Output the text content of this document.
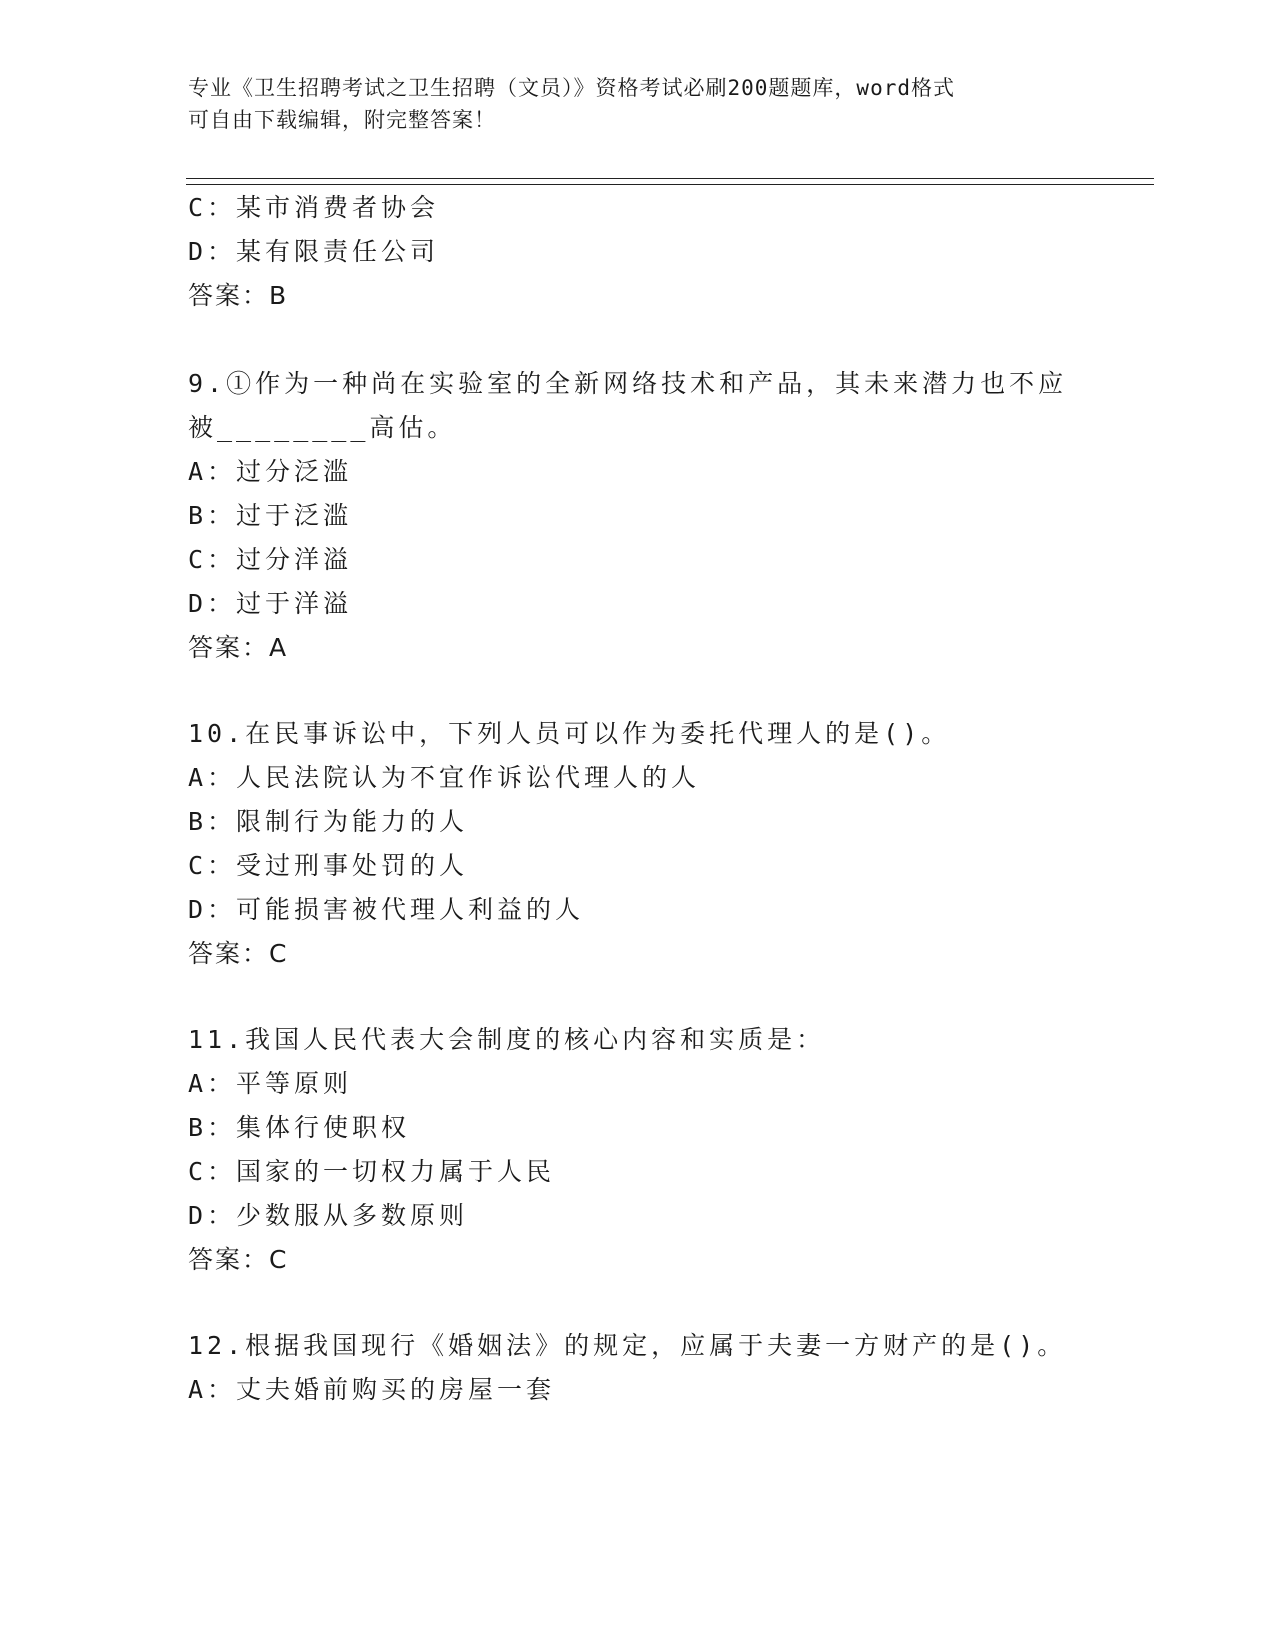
专业《卫生招聘考试之卫生招聘（文员）》资格考试必刷200题题库，word格式
可自由下载编辑，附完整答案！
C：某市消费者协会
D：某有限责任公司
答案：B
9.①作为一种尚在实验室的全新网络技术和产品，其未来潜力也不应
被________高估。
A：过分泛滥
B：过于泛滥
C：过分洋溢
D：过于洋溢
答案：A
10.在民事诉讼中，下列人员可以作为委托代理人的是()。
A：人民法院认为不宜作诉讼代理人的人
B：限制行为能力的人
C：受过刑事处罚的人
D：可能损害被代理人利益的人
答案：C
11.我国人民代表大会制度的核心内容和实质是：
A：平等原则
B：集体行使职权
C：国家的一切权力属于人民
D：少数服从多数原则
答案：C
12.根据我国现行《婚姻法》的规定，应属于夫妻一方财产的是()。
A：丈夫婚前购买的房屋一套
